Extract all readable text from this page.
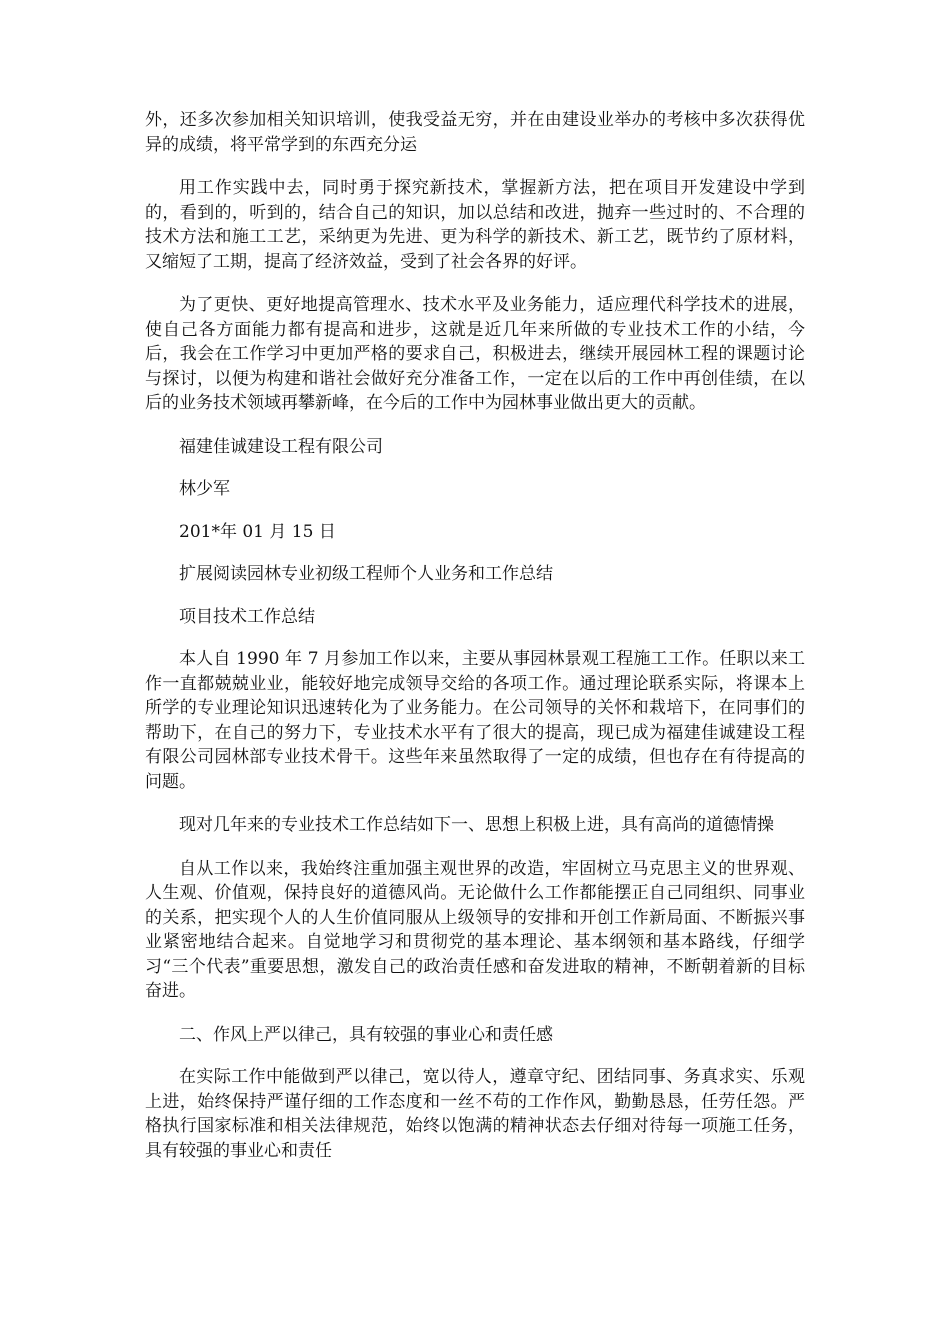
外，还多次参加相关知识培训，使我受益无穷，并在由建设业举办的考核中多次获得优异的成绩，将平常学到的东西充分运

用工作实践中去，同时勇于探究新技术，掌握新方法，把在项目开发建设中学到的，看到的，听到的，结合自己的知识，加以总结和改进，抛弃一些过时的、不合理的技术方法和施工工艺，采纳更为先进、更为科学的新技术、新工艺，既节约了原材料，又缩短了工期，提高了经济效益，受到了社会各界的好评。

为了更快、更好地提高管理水、技术水平及业务能力，适应理代科学技术的进展，使自己各方面能力都有提高和进步，这就是近几年来所做的专业技术工作的小结，今后，我会在工作学习中更加严格的要求自己，积极进去，继续开展园林工程的课题讨论与探讨，以便为构建和谐社会做好充分准备工作，一定在以后的工作中再创佳绩，在以后的业务技术领域再攀新峰，在今后的工作中为园林事业做出更大的贡献。

福建佳诚建设工程有限公司

林少军

201*年 01 月 15 日

扩展阅读园林专业初级工程师个人业务和工作总结

项目技术工作总结

本人自 1990 年 7 月参加工作以来，主要从事园林景观工程施工工作。任职以来工作一直都兢兢业业，能较好地完成领导交给的各项工作。通过理论联系实际，将课本上所学的专业理论知识迅速转化为了业务能力。在公司领导的关怀和栽培下，在同事们的帮助下，在自己的努力下，专业技术水平有了很大的提高，现已成为福建佳诚建设工程有限公司园林部专业技术骨干。这些年来虽然取得了一定的成绩，但也存在有待提高的问题。

现对几年来的专业技术工作总结如下一、思想上积极上进，具有高尚的道德情操

自从工作以来，我始终注重加强主观世界的改造，牢固树立马克思主义的世界观、人生观、价值观，保持良好的道德风尚。无论做什么工作都能摆正自己同组织、同事业的关系，把实现个人的人生价值同服从上级领导的安排和开创工作新局面、不断振兴事业紧密地结合起来。自觉地学习和贯彻党的基本理论、基本纲领和基本路线，仔细学习“三个代表”重要思想，激发自己的政治责任感和奋发进取的精神，不断朝着新的目标奋进。

二、作风上严以律己，具有较强的事业心和责任感

在实际工作中能做到严以律己，宽以待人，遵章守纪、团结同事、务真求实、乐观上进，始终保持严谨仔细的工作态度和一丝不苟的工作作风，勤勤恳恳，任劳任怨。严格执行国家标准和相关法律规范，始终以饱满的精神状态去仔细对待每一项施工任务，具有较强的事业心和责任
